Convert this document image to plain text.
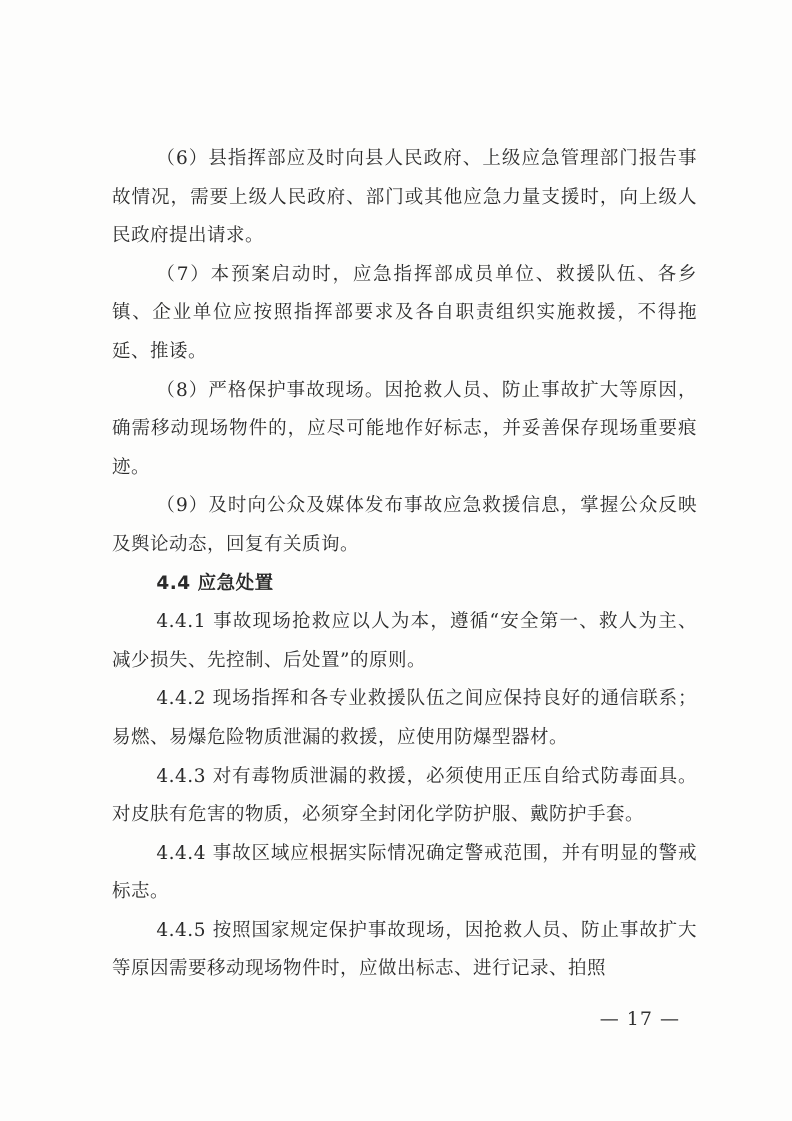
（6）县指挥部应及时向县人民政府、上级应急管理部门报告事故情况，需要上级人民政府、部门或其他应急力量支援时，向上级人民政府提出请求。

（7）本预案启动时，应急指挥部成员单位、救援队伍、各乡镇、企业单位应按照指挥部要求及各自职责组织实施救援，不得拖延、推诿。

（8）严格保护事故现场。因抢救人员、防止事故扩大等原因，确需移动现场物件的，应尽可能地作好标志，并妥善保存现场重要痕迹。

（9）及时向公众及媒体发布事故应急救援信息，掌握公众反映及舆论动态，回复有关质询。

4.4 应急处置

4.4.1 事故现场抢救应以人为本，遵循“安全第一、救人为主、减少损失、先控制、后处置”的原则。

4.4.2 现场指挥和各专业救援队伍之间应保持良好的通信联系；易燃、易爆危险物质泄漏的救援，应使用防爆型器材。

4.4.3 对有毒物质泄漏的救援，必须使用正压自给式防毒面具。对皮肤有危害的物质，必须穿全封闭化学防护服、戴防护手套。

4.4.4 事故区域应根据实际情况确定警戒范围，并有明显的警戒标志。

4.4.5 按照国家规定保护事故现场，因抢救人员、防止事故扩大等原因需要移动现场物件时，应做出标志、进行记录、拍照

— 17 —
